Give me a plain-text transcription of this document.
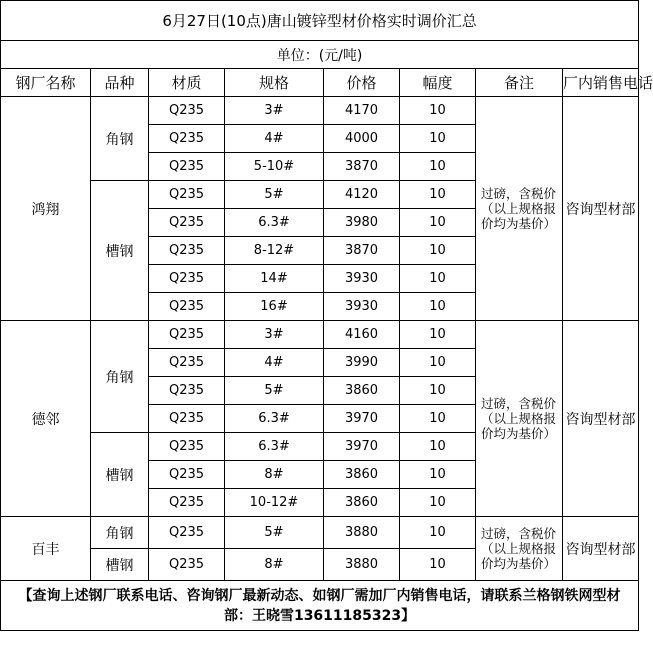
6月27日(10点)唐山镀锌型材价格实时调价汇总							
单位：(元/吨)							
钢厂名称	品种	材质	规格	价格	幅度	备注	厂内销售电话
鸿翔	角钢	Q235	3#	4170	10	过磅，含税价（以上规格报价均为基价）	咨询型材部
		Q235	4#	4000	10		
		Q235	5-10#	3870	10		
	槽钢	Q235	5#	4120	10		
		Q235	6.3#	3980	10		
		Q235	8-12#	3870	10		
		Q235	14#	3930	10		
		Q235	16#	3930	10		
德邻	角钢	Q235	3#	4160	10	过磅，含税价（以上规格报价均为基价）	咨询型材部
		Q235	4#	3990	10		
		Q235	5#	3860	10		
		Q235	6.3#	3970	10		
	槽钢	Q235	6.3#	3970	10		
		Q235	8#	3860	10		
		Q235	10-12#	3860	10		
百丰	角钢	Q235	5#	3880	10	过磅，含税价（以上规格报价均为基价）	咨询型材部
	槽钢	Q235	8#	3880	10		
【查询上述钢厂联系电话、咨询钢厂最新动态、如钢厂需加厂内销售电话，请联系兰格钢铁网型材部：王晓雪13611185323】							
